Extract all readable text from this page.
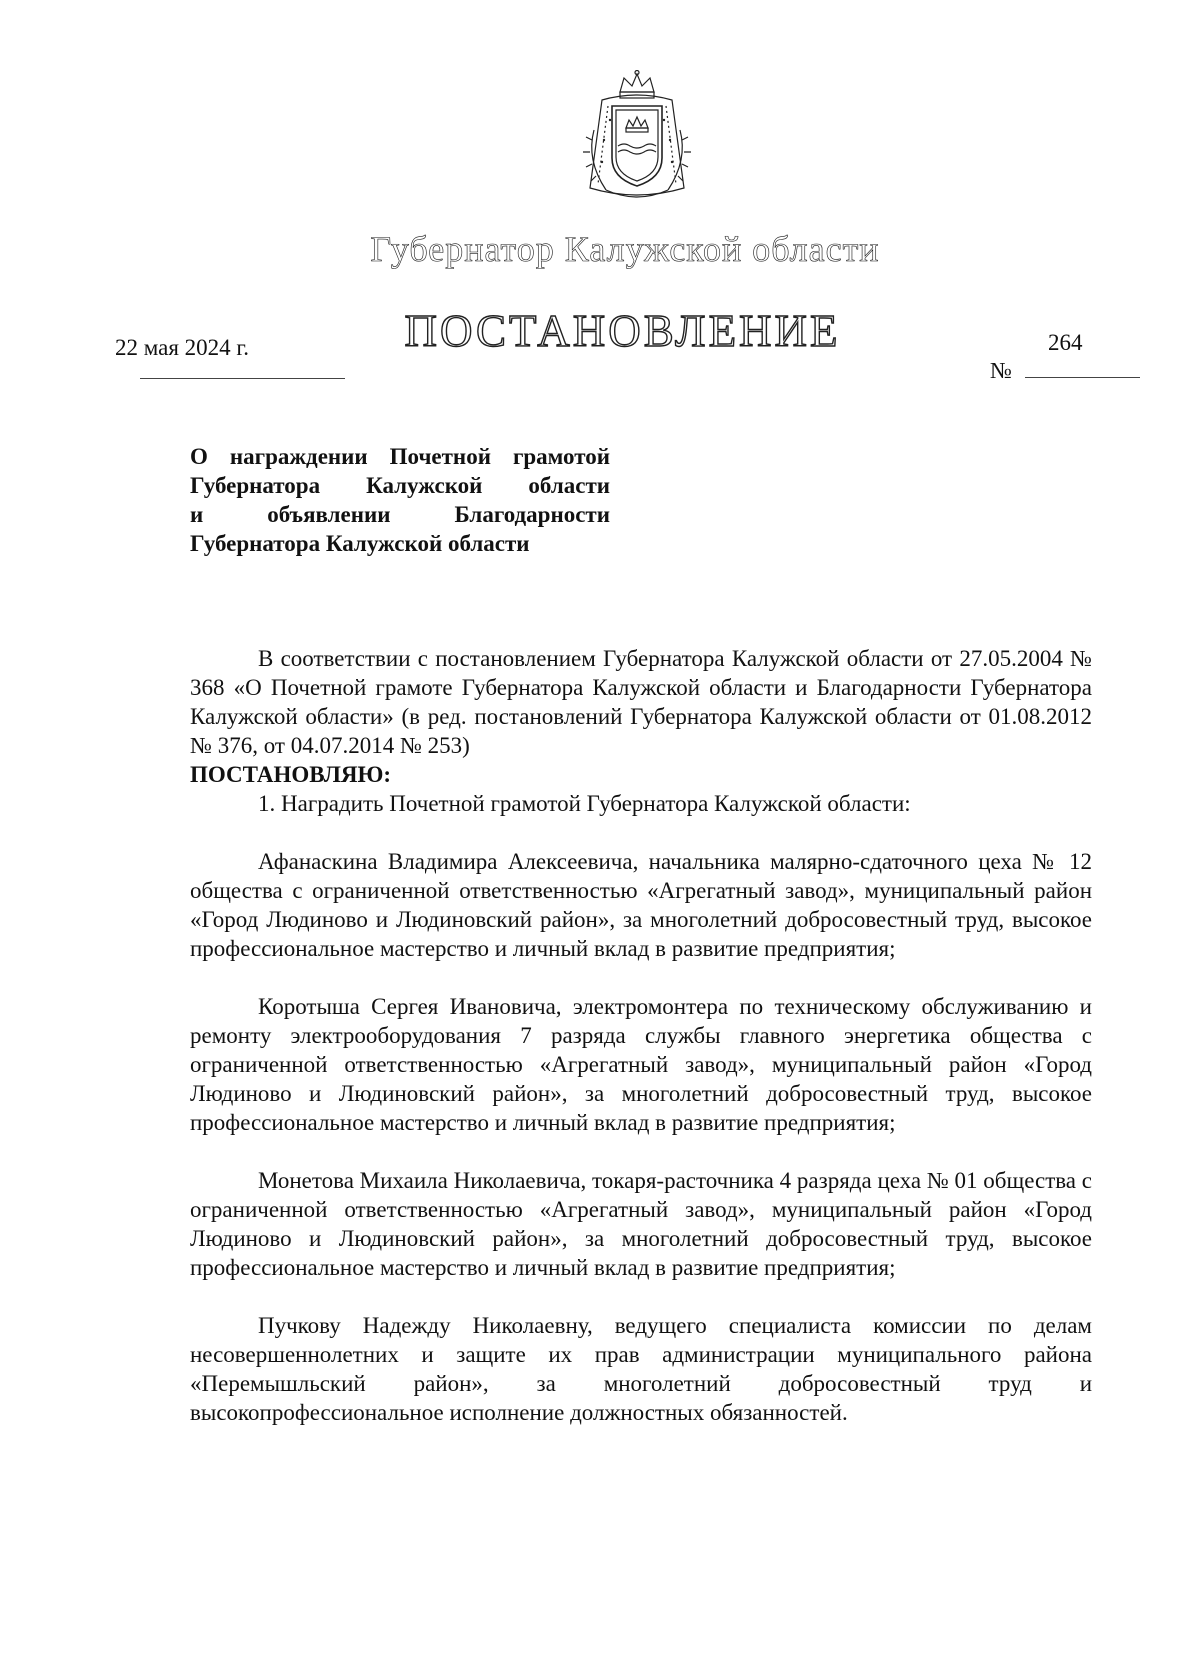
Губернатор Калужской области
ПОСТАНОВЛЕНИЕ
22 мая 2024 г.	264
№
О награждении Почетной грамотой
Губернатора Калужской области
и объявлении Благодарности
Губернатора Калужской области

В соответствии с постановлением Губернатора Калужской области от 27.05.2004 № 368 «О Почетной грамоте Губернатора Калужской области и Благодарности Губернатора Калужской области» (в ред. постановлений Губернатора Калужской области от 01.08.2012 № 376, от 04.07.2014 № 253)

ПОСТАНОВЛЯЮ:

1. Наградить Почетной грамотой Губернатора Калужской области:

Афанаскина Владимира Алексеевича, начальника малярно-сдаточного цеха № 12 общества с ограниченной ответственностью «Агрегатный завод», муниципальный район «Город Людиново и Людиновский район», за многолетний добросовестный труд, высокое профессиональное мастерство и личный вклад в развитие предприятия;

Коротыша Сергея Ивановича, электромонтера по техническому обслуживанию и ремонту электрооборудования 7 разряда службы главного энергетика общества с ограниченной ответственностью «Агрегатный завод», муниципальный район «Город Людиново и Людиновский район», за многолетний добросовестный труд, высокое профессиональное мастерство и личный вклад в развитие предприятия;

Монетова Михаила Николаевича, токаря-расточника 4 разряда цеха № 01 общества с ограниченной ответственностью «Агрегатный завод», муниципальный район «Город Людиново и Людиновский район», за многолетний добросовестный труд, высокое профессиональное мастерство и личный вклад в развитие предприятия;

Пучкову Надежду Николаевну, ведущего специалиста комиссии по делам несовершеннолетних и защите их прав администрации муниципального района «Перемышльский район», за многолетний добросовестный труд и высокопрофессиональное исполнение должностных обязанностей.
